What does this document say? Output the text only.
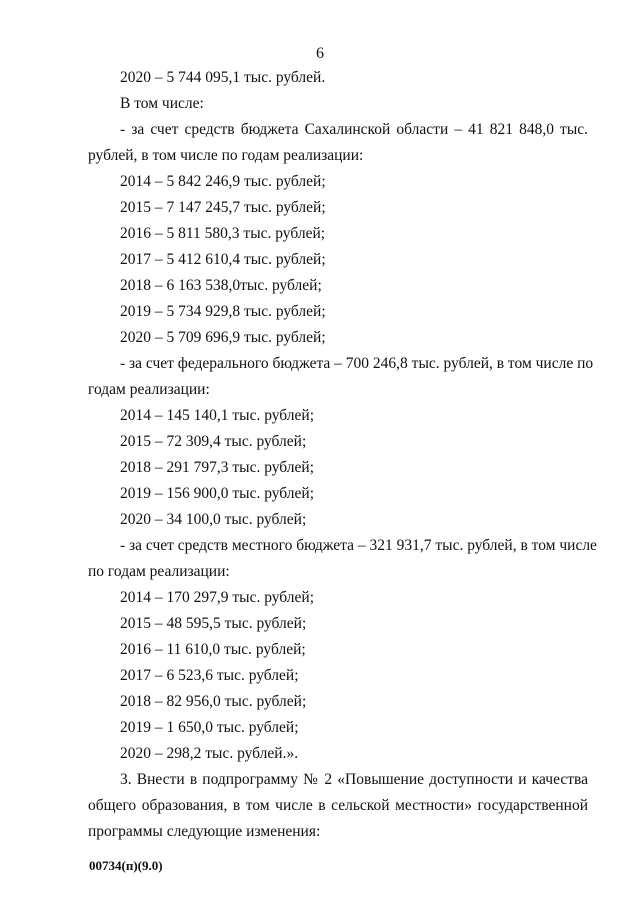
6
2020 – 5 744 095,1 тыс. рублей.
В том числе:
- за счет средств бюджета Сахалинской области – 41 821 848,0 тыс.
рублей, в том числе по годам реализации:
2014 – 5 842 246,9 тыс. рублей;
2015 – 7 147 245,7 тыс. рублей;
2016 – 5 811 580,3 тыс. рублей;
2017 – 5 412 610,4 тыс. рублей;
2018 – 6 163 538,0тыс. рублей;
2019 – 5 734 929,8 тыс. рублей;
2020 – 5 709 696,9 тыс. рублей;
- за счет федерального бюджета – 700 246,8 тыс. рублей, в том числе по
годам реализации:
2014 – 145 140,1 тыс. рублей;
2015 – 72 309,4 тыс. рублей;
2018 – 291 797,3 тыс. рублей;
2019 – 156 900,0 тыс. рублей;
2020 – 34 100,0 тыс. рублей;
- за счет средств местного бюджета – 321 931,7 тыс. рублей, в том числе
по годам реализации:
2014 – 170 297,9 тыс. рублей;
2015 – 48 595,5 тыс. рублей;
2016 – 11 610,0 тыс. рублей;
2017 – 6 523,6 тыс. рублей;
2018 – 82 956,0 тыс. рублей;
2019 – 1 650,0 тыс. рублей;
2020 – 298,2 тыс. рублей.».
3. Внести в подпрограмму № 2 «Повышение доступности и качества
общего образования, в том числе в сельской местности» государственной
программы следующие изменения:
00734(п)(9.0)
